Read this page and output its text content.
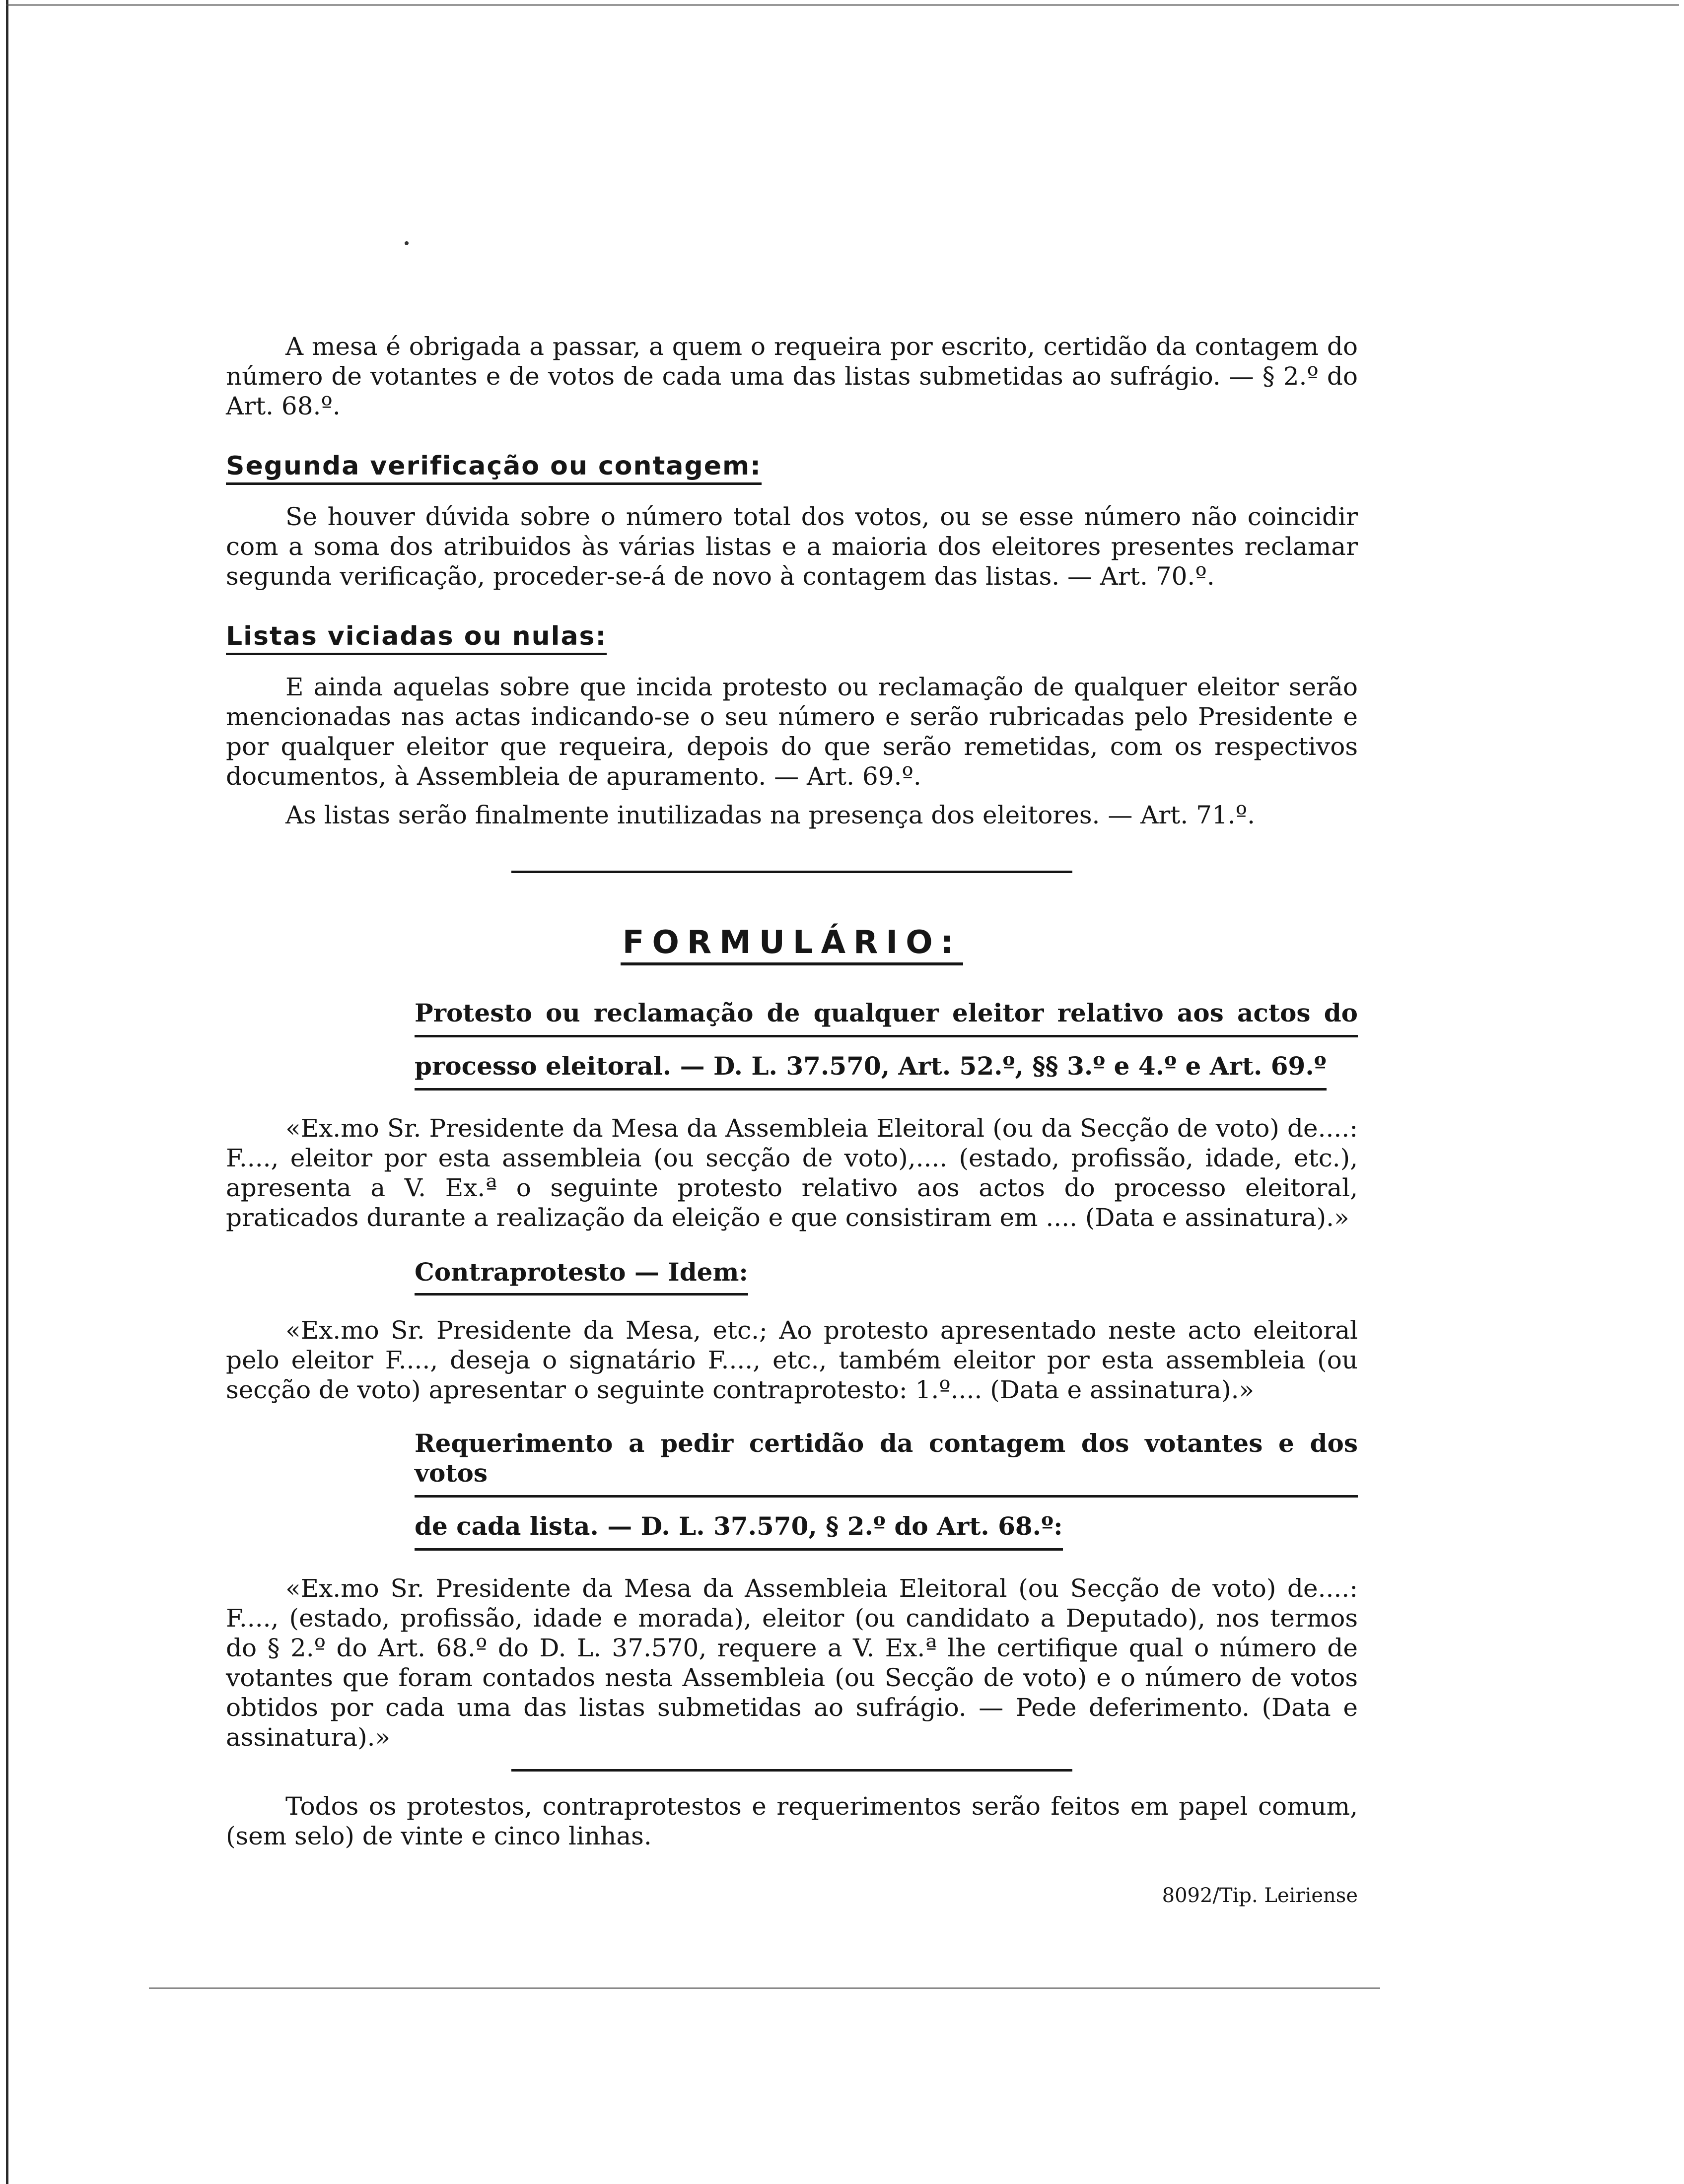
A mesa é obrigada a passar, a quem o requeira por escrito, certidão da contagem do número de votantes e de votos de cada uma das listas submetidas ao sufrágio. — § 2.º do Art. 68.º.

Segunda verificação ou contagem:

Se houver dúvida sobre o número total dos votos, ou se esse número não coincidir com a soma dos atribuidos às várias listas e a maioria dos eleitores presentes reclamar segunda verificação, proceder-se-á de novo à contagem das listas. — Art. 70.º.

Listas viciadas ou nulas:

E ainda aquelas sobre que incida protesto ou reclamação de qualquer eleitor serão mencionadas nas actas indicando-se o seu número e serão rubricadas pelo Presidente e por qualquer eleitor que requeira, depois do que serão remetidas, com os respectivos documentos, à Assembleia de apuramento. — Art. 69.º.

As listas serão finalmente inutilizadas na presença dos eleitores. — Art. 71.º.

FORMULÁRIO:
Protesto ou reclamação de qualquer eleitor relativo aos actos do
processo eleitoral. — D. L. 37.570, Art. 52.º, §§ 3.º e 4.º e Art. 69.º

«Ex.mo Sr. Presidente da Mesa da Assembleia Eleitoral (ou da Secção de voto) de....: F...., eleitor por esta assembleia (ou secção de voto),.... (estado, profissão, idade, etc.), apresenta a V. Ex.ª o seguinte protesto relativo aos actos do processo eleitoral, praticados durante a realização da eleição e que consistiram em .... (Data e assinatura).»

Contraprotesto — Idem:

«Ex.mo Sr. Presidente da Mesa, etc.; Ao protesto apresentado neste acto eleitoral pelo eleitor F...., deseja o signatário F...., etc., também eleitor por esta assembleia (ou secção de voto) apresentar o seguinte contraprotesto: 1.º.... (Data e assinatura).»

Requerimento a pedir certidão da contagem dos votantes e dos votos
de cada lista. — D. L. 37.570, § 2.º do Art. 68.º:

«Ex.mo Sr. Presidente da Mesa da Assembleia Eleitoral (ou Secção de voto) de....: F...., (estado, profissão, idade e morada), eleitor (ou candidato a Deputado), nos termos do § 2.º do Art. 68.º do D. L. 37.570, requere a V. Ex.ª lhe certifique qual o número de votantes que foram contados nesta Assembleia (ou Secção de voto) e o número de votos obtidos por cada uma das listas submetidas ao sufrágio. — Pede deferimento. (Data e assinatura).»

Todos os protestos, contraprotestos e requerimentos serão feitos em papel comum, (sem selo) de vinte e cinco linhas.

8092/Tip. Leiriense
